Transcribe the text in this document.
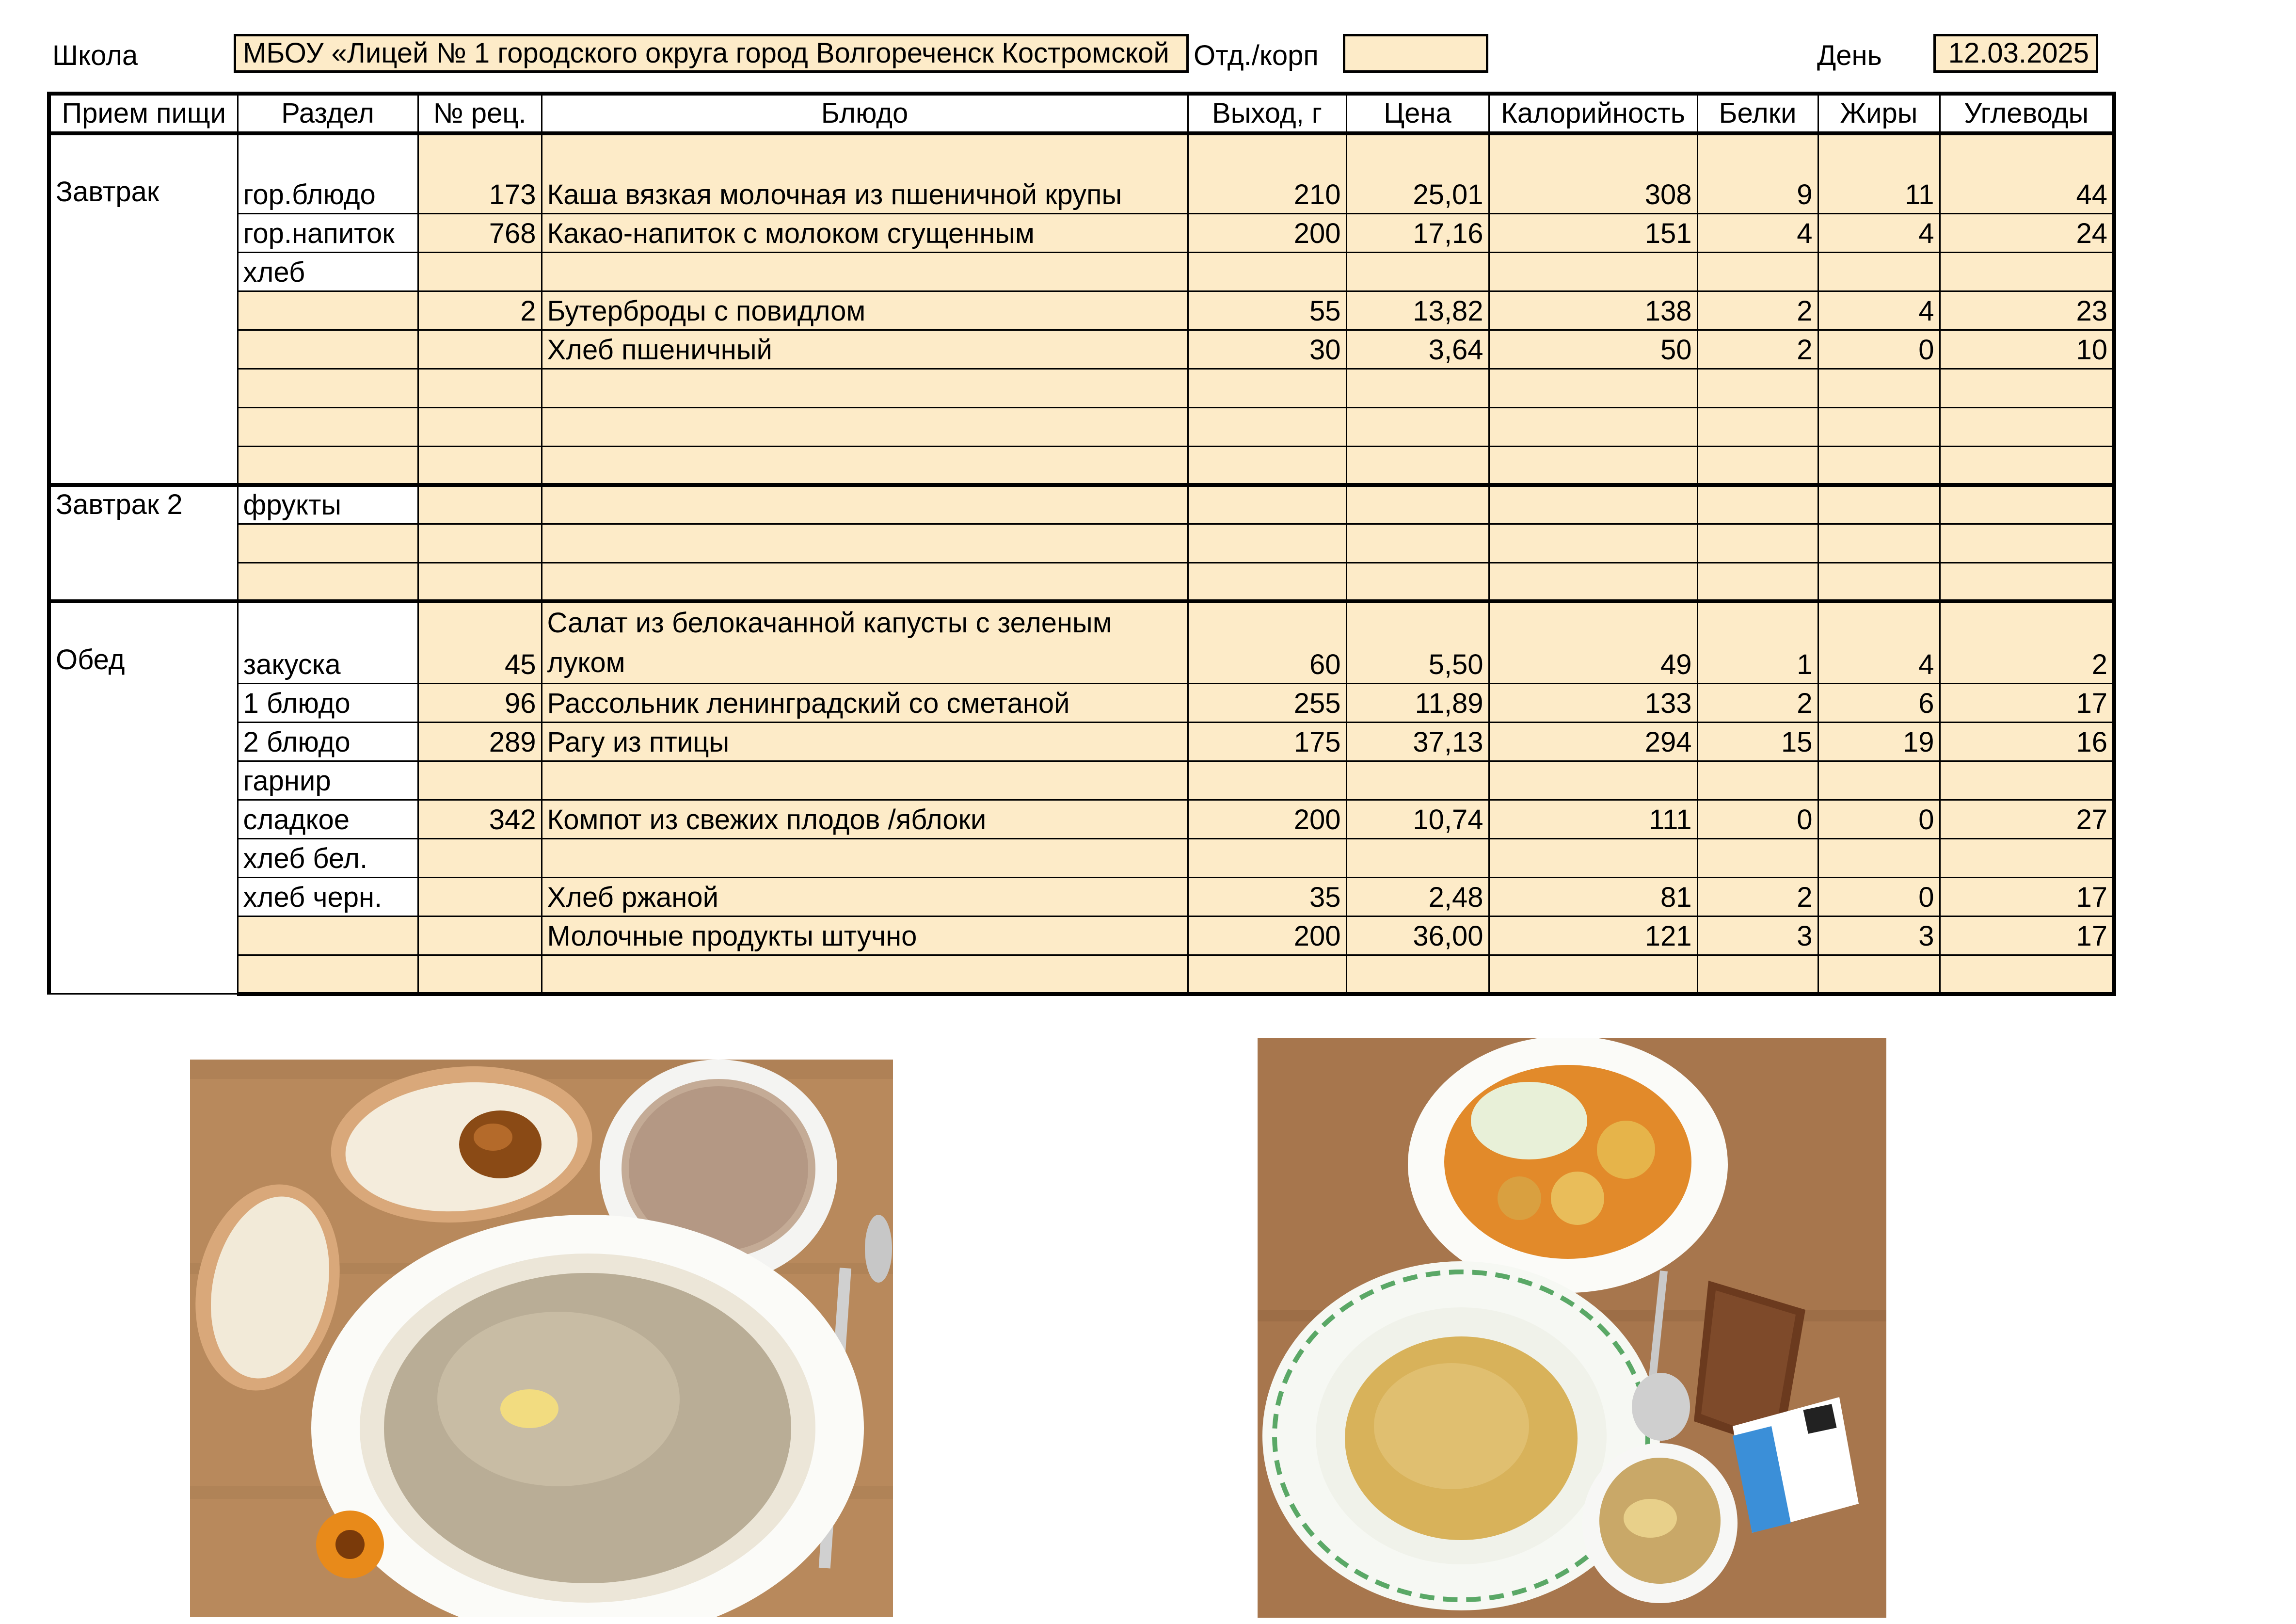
Школа	МБОУ «Лицей № 1 городского округа город Волгореченск Костромской Отд./корп	День	12.03.2025
Прием пищи	Раздел	№ рец.	Блюдо	Выход, г	Цена	Калорийность	Белки	Жиры	Углеводы

Завтрак	гор.блюдо	173	Каша вязкая молочная из пшеничной крупы	210	25,01	308	9	11	44
	гор.напиток	768	Какао-напиток с молоком сгущенным	200	17,16	151	4	4	24
	хлеб								
		2	Бутерброды с повидлом	55	13,82	138	2	4	23
			Хлеб пшеничный	30	3,64	50	2	0	10

Завтрак 2	фрукты								

Обед	закуска	45	Салат из белокачанной капусты с зеленым
луком	60	5,50	49	1	4	2
	1 блюдо	96	Рассольник ленинградский со сметаной	255	11,89	133	2	6	17
	2 блюдо	289	Рагу из птицы	175	37,13	294	15	19	16
	гарнир								
	сладкое	342	Компот из свежих плодов /яблоки	200	10,74	111	0	0	27
	хлеб бел.								
	хлеб черн.		Хлеб ржаной	35	2,48	81	2	0	17
			Молочные продукты штучно	200	36,00	121	3	3	17
